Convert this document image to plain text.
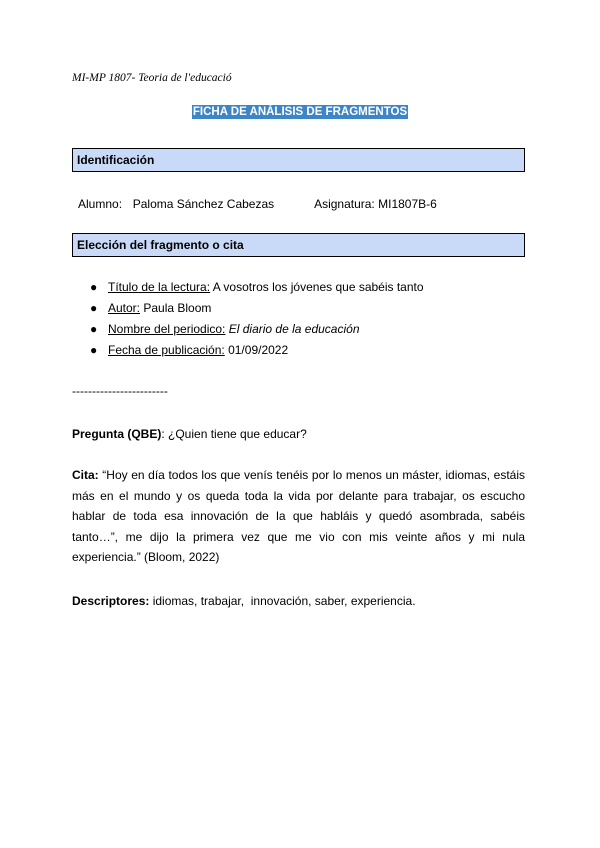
MI-MP 1807- Teoria de l'educació
FICHA DE ANÁLISIS DE FRAGMENTOS
Identificación
Alumno: Paloma Sánchez Cabezas	Asignatura: MI1807B-6
Elección del fragmento o cita
● Título de la lectura: A vosotros los jóvenes que sabéis tanto
● Autor: Paula Bloom
● Nombre del periodico: El diario de la educación
● Fecha de publicación: 01/09/2022
------------------------
Pregunta (QBE): ¿Quien tiene que educar?
Cita: “Hoy en día todos los que venís tenéis por lo menos un máster, idiomas, estáis más en el mundo y os queda toda la vida por delante para trabajar, os escucho hablar de toda esa innovación de la que habláis y quedó asombrada, sabéis tanto…”, me dijo la primera vez que me vio con mis veinte años y mi nula experiencia.” (Bloom, 2022)
Descriptores: idiomas, trabajar,  innovación, saber, experiencia.
